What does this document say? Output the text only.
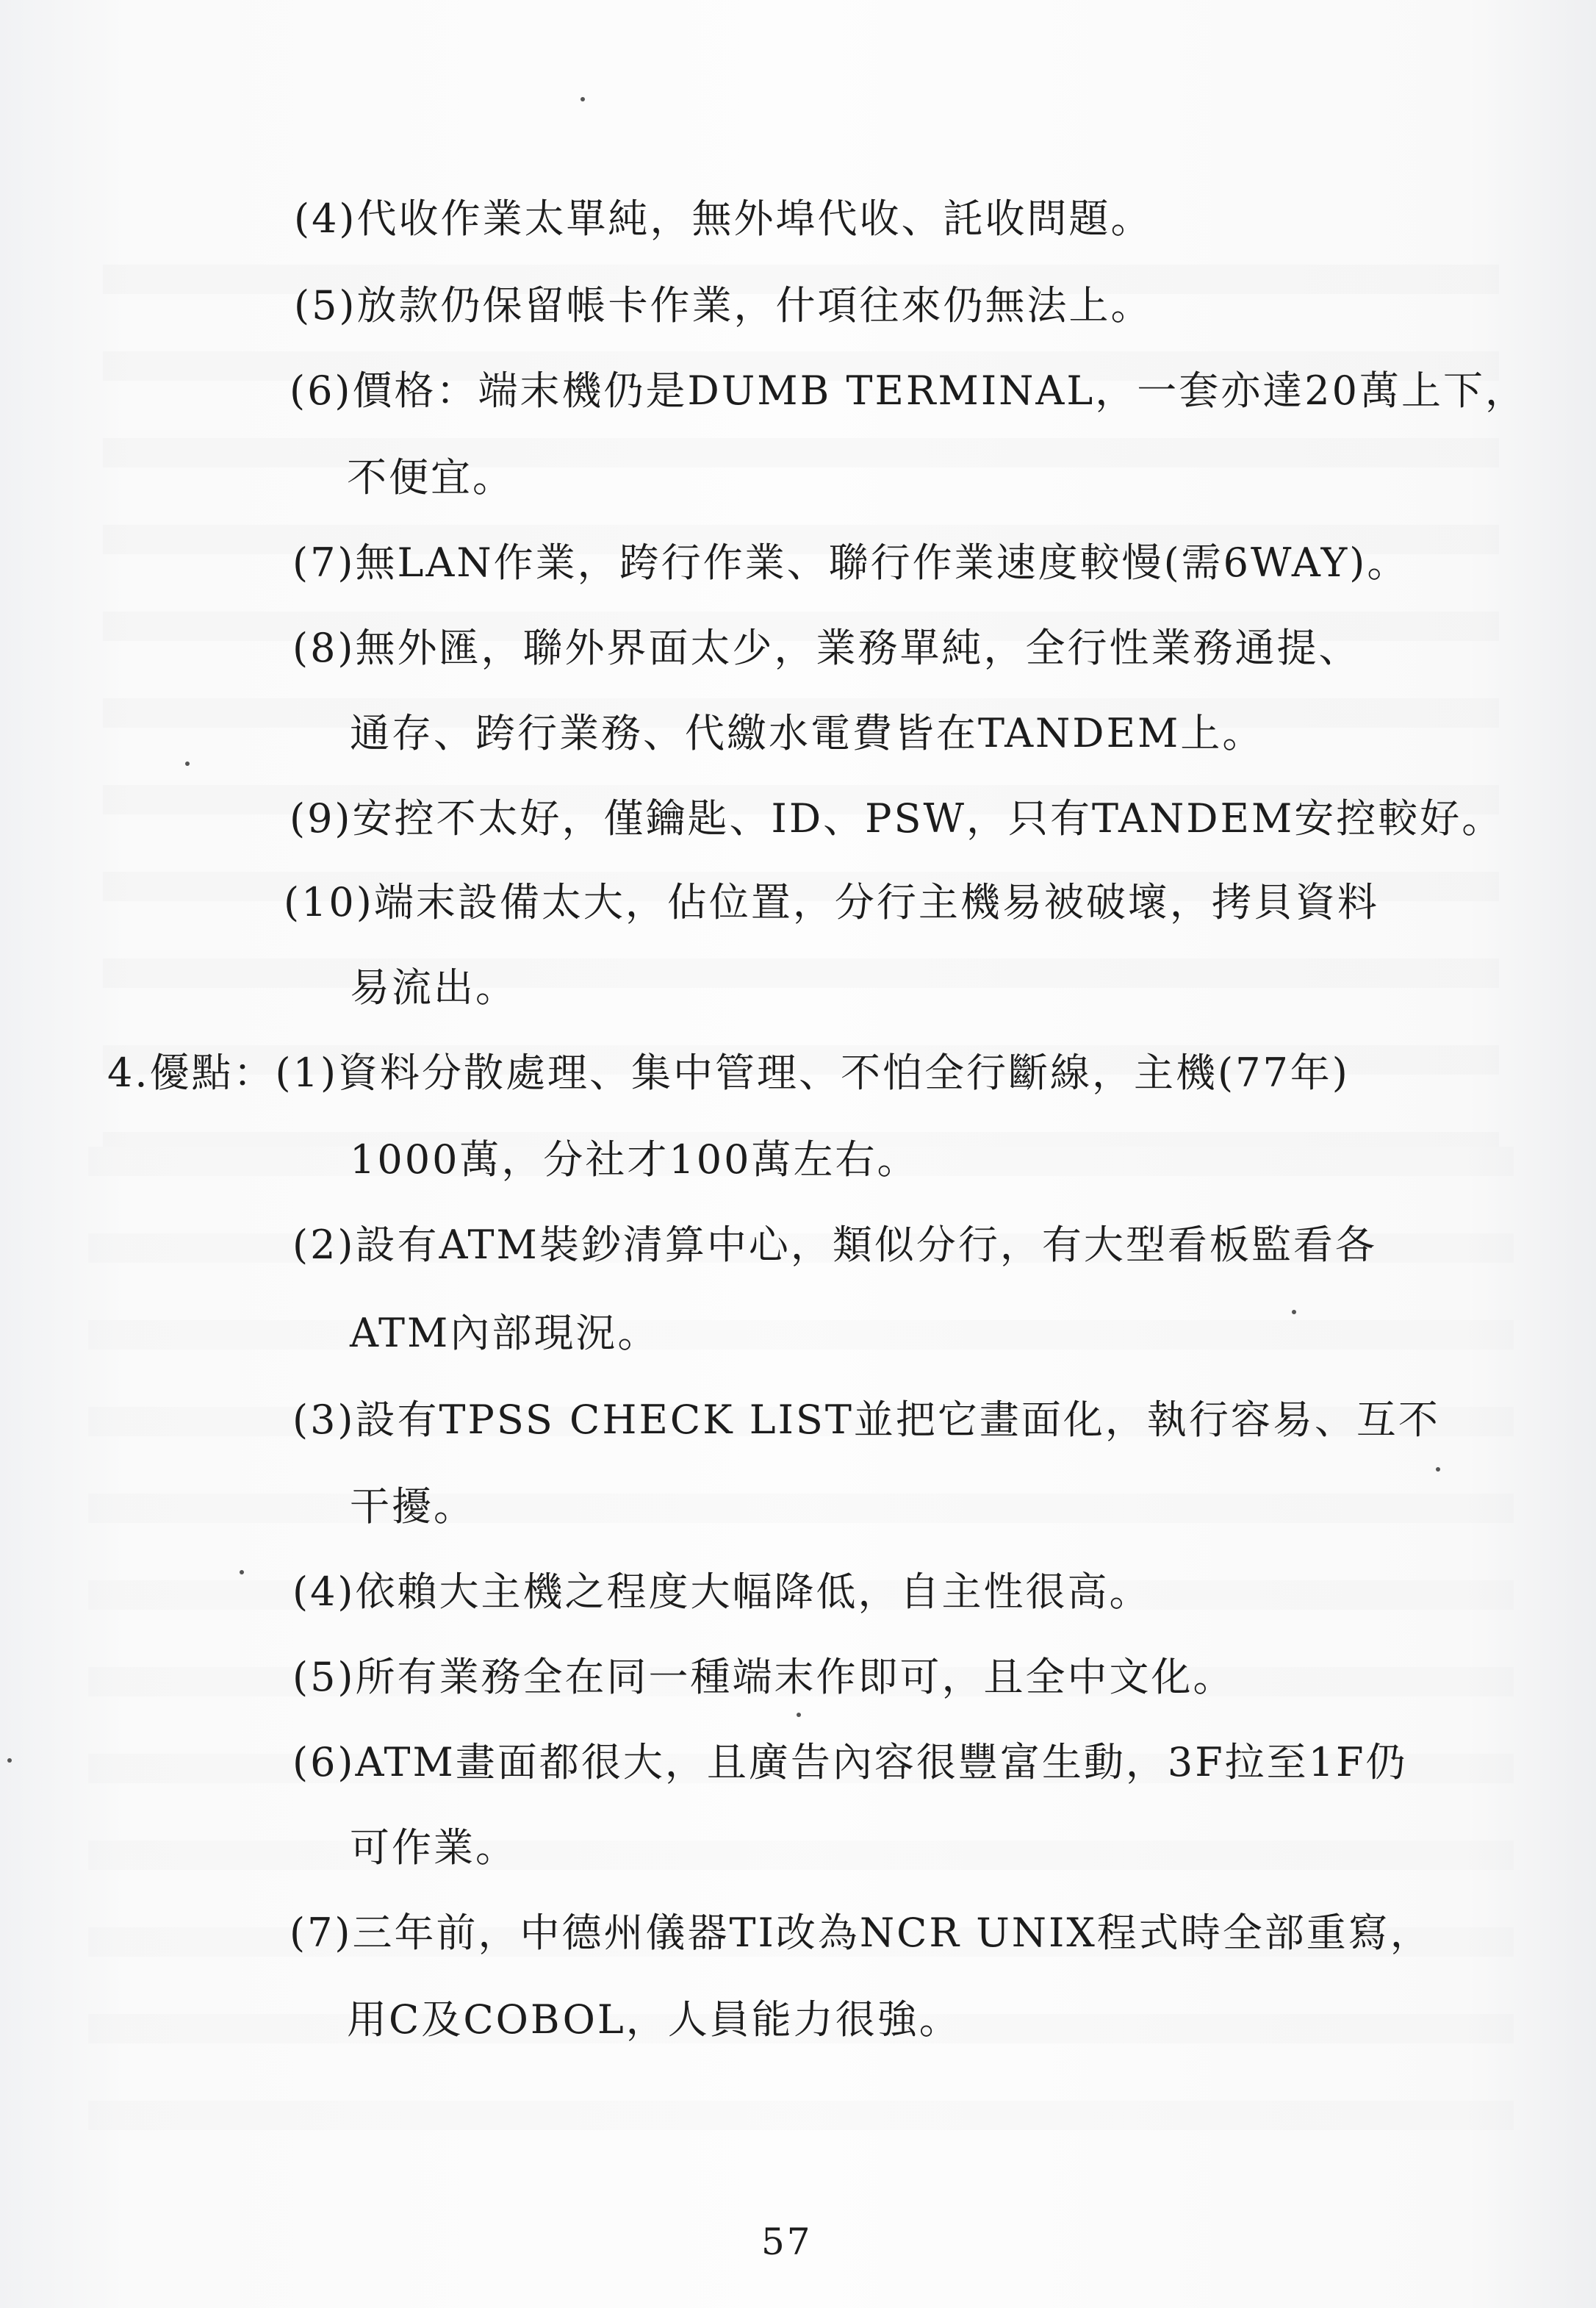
(4)代收作業太單純，無外埠代收、託收問題。
(5)放款仍保留帳卡作業，什項往來仍無法上。
(6)價格：端末機仍是DUMB TERMINAL，一套亦達20萬上下，
不便宜。
(7)無LAN作業，跨行作業、聯行作業速度較慢(需6WAY)。
(8)無外匯，聯外界面太少，業務單純，全行性業務通提、
通存、跨行業務、代繳水電費皆在TANDEM上。
(9)安控不太好，僅鑰匙、ID、PSW，只有TANDEM安控較好。
(10)端末設備太大，佔位置，分行主機易被破壞，拷貝資料
易流出。
4.優點：(1)資料分散處理、集中管理、不怕全行斷線，主機(77年)
1000萬，分社才100萬左右。
(2)設有ATM裝鈔清算中心，類似分行，有大型看板監看各
ATM內部現況。
(3)設有TPSS CHECK LIST並把它畫面化，執行容易、互不
干擾。
(4)依賴大主機之程度大幅降低，自主性很高。
(5)所有業務全在同一種端末作即可，且全中文化。
(6)ATM畫面都很大，且廣告內容很豐富生動，3F拉至1F仍
可作業。
(7)三年前，中德州儀器TI改為NCR UNIX程式時全部重寫，
用C及COBOL，人員能力很強。
57
